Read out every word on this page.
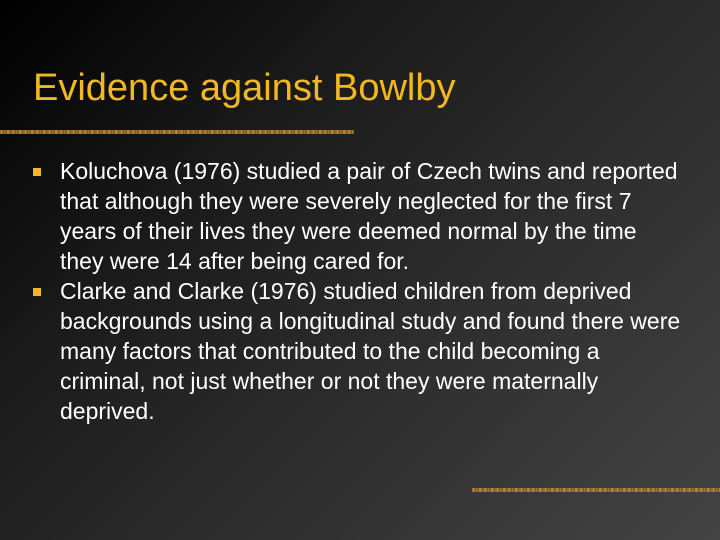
Evidence against Bowlby
Koluchova (1976) studied a pair of Czech twins and reported that although they were severely neglected for the first 7 years of their lives they were deemed normal by the time they were 14 after being cared for.
Clarke and Clarke (1976) studied children from deprived backgrounds using a longitudinal study and found there were many factors that contributed to the child becoming a criminal, not just whether or not they were maternally deprived.
